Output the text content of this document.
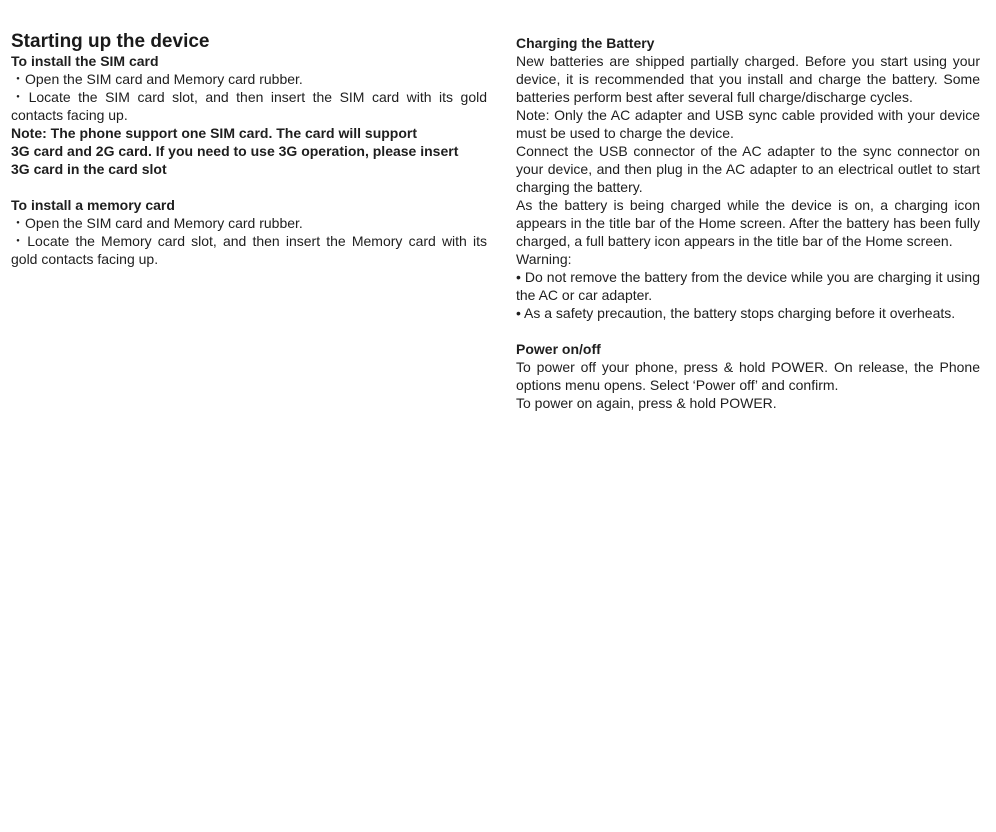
Starting up the device
To install the SIM card

・Open the SIM card and Memory card rubber.

・Locate the SIM card slot, and then insert the SIM card with its gold contacts facing up.

Note: The phone support one SIM card. The card will support

3G card and 2G card. If you need to use 3G operation, please insert

3G card in the card slot

To install a memory card

・Open the SIM card and Memory card rubber.

・Locate the Memory card slot, and then insert the Memory card with its gold contacts facing up.

Charging the Battery

New batteries are shipped partially charged. Before you start using your device, it is recommended that you install and charge the battery. Some batteries perform best after several full charge/discharge cycles.

Note: Only the AC adapter and USB sync cable provided with your device must be used to charge the device.

Connect the USB connector of the AC adapter to the sync connector on your device, and then plug in the AC adapter to an electrical outlet to start charging the battery.

As the battery is being charged while the device is on, a charging icon appears in the title bar of the Home screen. After the battery has been fully charged, a full battery icon appears in the title bar of the Home screen.

Warning:

• Do not remove the battery from the device while you are charging it using the AC or car adapter.

• As a safety precaution, the battery stops charging before it overheats.

Power on/off

To power off your phone, press & hold POWER. On release, the Phone options menu opens. Select ‘Power off’ and confirm.

To power on again, press & hold POWER.
